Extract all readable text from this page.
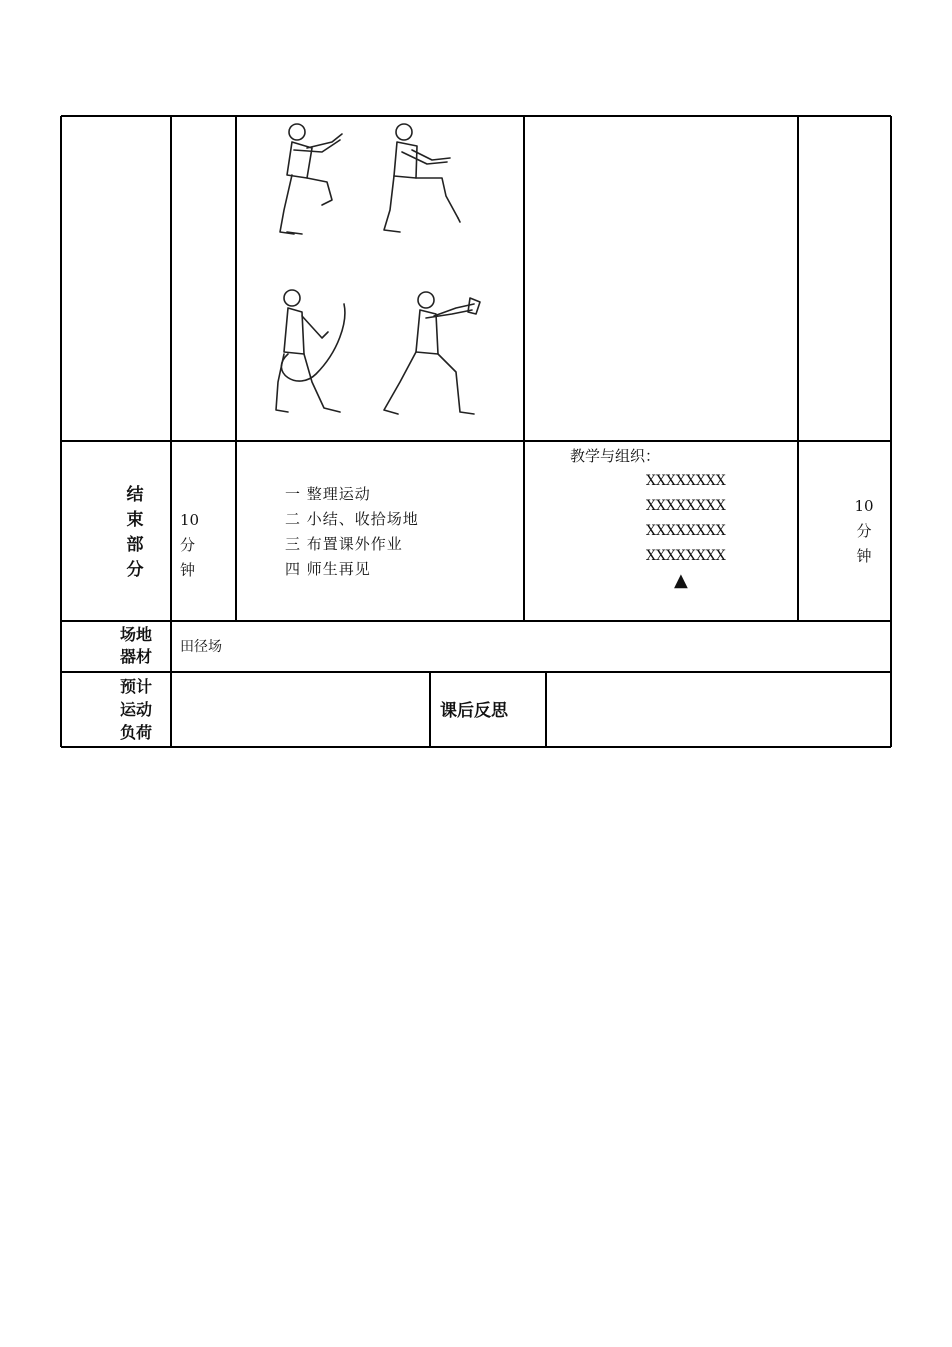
结
束
部
分
10
分
钟
一 整理运动
二 小结、收拾场地
三 布置课外作业
四 师生再见
教学与组织：
XXXXXXXX
XXXXXXXX
XXXXXXXX
XXXXXXXX
▲
10
分
钟
场地
器材	田径场
预计
运动
负荷
课后反思
